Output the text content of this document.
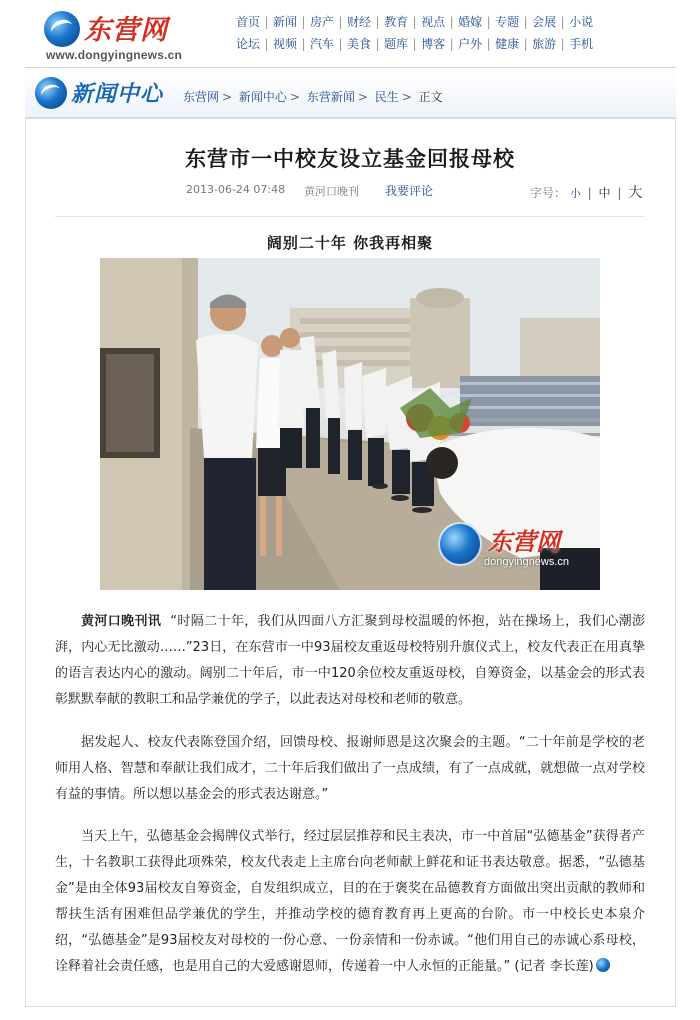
东营网
www.dongyingnews.cn
首页 | 新闻 | 房产 | 财经 | 教育 | 视点 | 婚嫁 | 专题 | 会展 | 小说
论坛 | 视频 | 汽车 | 美食 | 题库 | 博客 | 户外 | 健康 | 旅游 | 手机
新闻中心 东营网 > 新闻中心 > 东营新闻 > 民生 > 正文
东营市一中校友设立基金回报母校
2013-06-24 07:48 黄河口晚刊 我要评论	字号： 小 | 中 | 大
阔别二十年 你我再相聚
东营网
dongyingnews.cn

黄河口晚刊讯 “时隔二十年，我们从四面八方汇聚到母校温暖的怀抱，站在操场上，我们心潮澎湃，内心无比激动……”23日，在东营市一中93届校友重返母校特别升旗仪式上，校友代表正在用真挚的语言表达内心的激动。阔别二十年后，市一中120余位校友重返母校，自筹资金，以基金会的形式表彰默默奉献的教职工和品学兼优的学子，以此表达对母校和老师的敬意。

据发起人、校友代表陈登国介绍，回馈母校、报谢师恩是这次聚会的主题。“二十年前是学校的老师用人格、智慧和奉献让我们成才，二十年后我们做出了一点成绩，有了一点成就，就想做一点对学校有益的事情。所以想以基金会的形式表达谢意。”

当天上午，弘德基金会揭牌仪式举行，经过层层推荐和民主表决，市一中首届“弘德基金”获得者产生，十名教职工获得此项殊荣，校友代表走上主席台向老师献上鲜花和证书表达敬意。据悉，“弘德基金”是由全体93届校友自筹资金，自发组织成立，目的在于褒奖在品德教育方面做出突出贡献的教师和帮扶生活有困难但品学兼优的学生，并推动学校的德育教育再上更高的台阶。市一中校长史本泉介绍，“弘德基金”是93届校友对母校的一份心意、一份亲情和一份赤诚。“他们用自己的赤诚心系母校，诠释着社会责任感，也是用自己的大爱感谢恩师，传递着一中人永恒的正能量。” (记者 李长莲)
